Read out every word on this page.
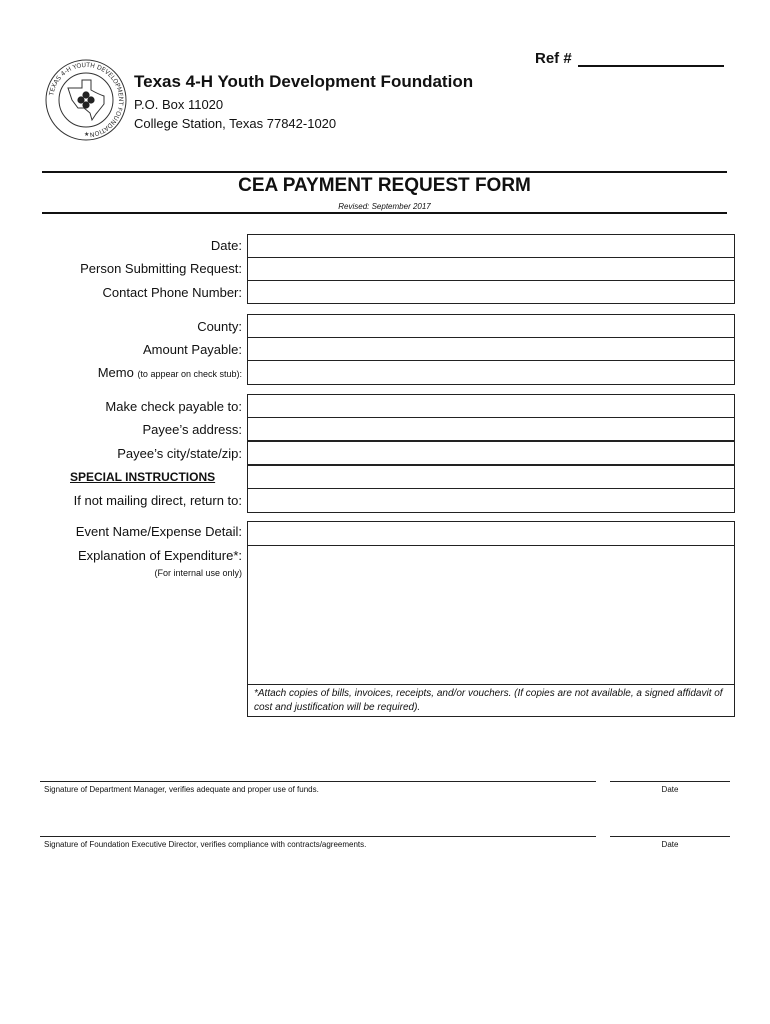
TEXAS 4-H YOUTH DEVELOPMENT FOUNDATION
★
Ref #
Texas 4-H Youth Development Foundation
P.O. Box 11020
College Station, Texas 77842-1020
CEA PAYMENT REQUEST FORM
Revised: September 2017
Date:
Person Submitting Request:
Contact Phone Number:
County:
Amount Payable:
Memo (to appear on check stub):
Make check payable to:
Payee’s address:
Payee’s city/state/zip:
SPECIAL INSTRUCTIONS
If not mailing direct, return to:
Event Name/Expense Detail:
Explanation of Expenditure*:
(For internal use only)
*Attach copies of bills, invoices, receipts, and/or vouchers. (If copies are not available, a signed affidavit of cost and justification will be required).
Signature of Department Manager, verifies adequate and proper use of funds.	Date
Signature of Foundation Executive Director, verifies compliance with contracts/agreements.	Date
